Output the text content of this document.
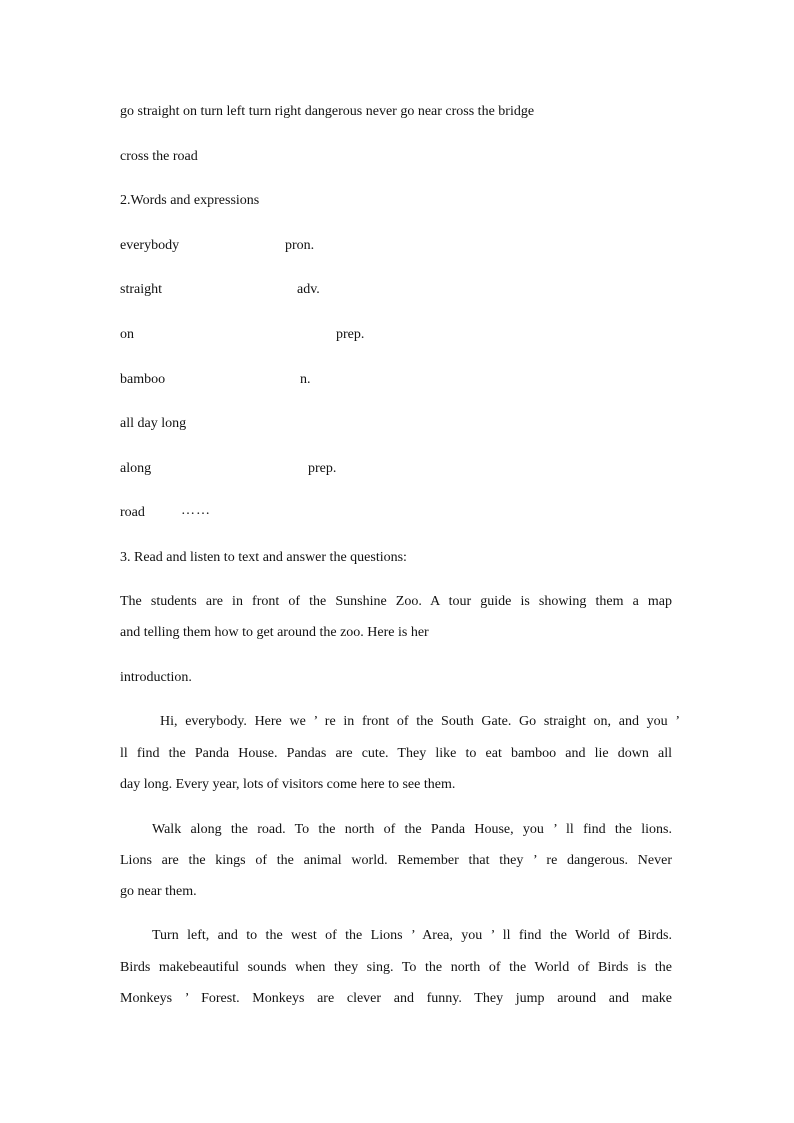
go straight on turn left turn right dangerous never go near cross the bridge
cross the road
2.Words and expressions
everybody	pron.
straight	adv.
on	prep.
bamboo	n.
all day long
along	prep.
road	……
3. Read and listen to text and answer the questions:
The students are in front of the Sunshine Zoo. A tour guide is showing them a map
and telling them how to get around the zoo. Here is her
introduction.
Hi, everybody. Here we ’ re in front of the South Gate. Go straight on, and you ’
ll find the Panda House. Pandas are cute. They like to eat bamboo and lie down all
day long. Every year, lots of visitors come here to see them.
Walk along the road. To the north of the Panda House, you ’ ll find the lions.
Lions are the kings of the animal world. Remember that they ’ re dangerous. Never
go near them.
Turn left, and to the west of the Lions ’ Area, you ’ ll find the World of Birds.
Birds makebeautiful sounds when they sing. To the north of the World of Birds is the
Monkeys ’ Forest. Monkeys are clever and funny. They jump around and make
